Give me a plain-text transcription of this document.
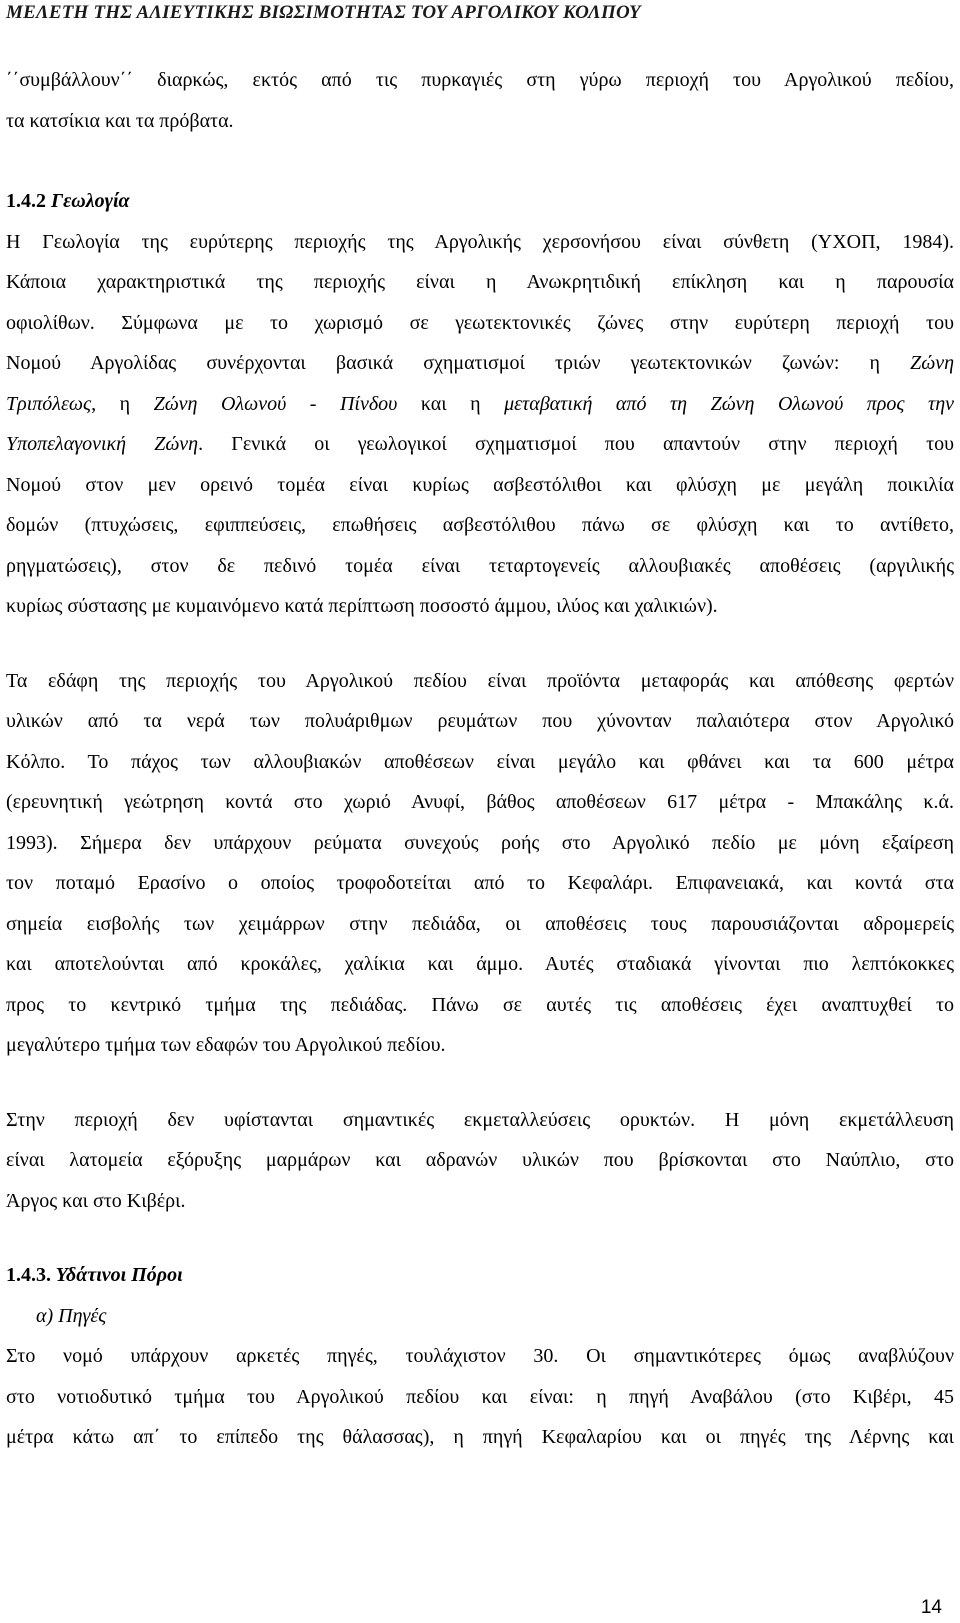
ΜΕΛΕΤΗ ΤΗΣ ΑΛΙΕΥΤΙΚΗΣ ΒΙΩΣΙΜΟΤΗΤΑΣ ΤΟΥ ΑΡΓΟΛΙΚΟΥ ΚΟΛΠΟΥ
΄΄συμβάλλουν΄΄ διαρκώς, εκτός από τις πυρκαγιές στη γύρω περιοχή του Αργολικού πεδίου,
τα κατσίκια και τα πρόβατα.
1.4.2 Γεωλογία
Η Γεωλογία της ευρύτερης περιοχής της Αργολικής χερσονήσου είναι σύνθετη (ΥΧΟΠ, 1984).
Κάποια χαρακτηριστικά της περιοχής είναι η Ανωκρητιδική επίκληση και η παρουσία
οφιολίθων. Σύμφωνα με το χωρισμό σε γεωτεκτονικές ζώνες στην ευρύτερη περιοχή του
Νομού Αργολίδας συνέρχονται βασικά σχηματισμοί τριών γεωτεκτονικών ζωνών: η Ζώνη
Τριπόλεως, η Ζώνη Ολωνού - Πίνδου και η μεταβατική από τη Ζώνη Ολωνού προς την
Υποπελαγονική Ζώνη. Γενικά οι γεωλογικοί σχηματισμοί που απαντούν στην περιοχή του
Νομού στον μεν ορεινό τομέα είναι κυρίως ασβεστόλιθοι και φλύσχη με μεγάλη ποικιλία
δομών (πτυχώσεις, εφιππεύσεις, επωθήσεις ασβεστόλιθου πάνω σε φλύσχη και το αντίθετο,
ρηγματώσεις), στον δε πεδινό τομέα είναι τεταρτογενείς αλλουβιακές αποθέσεις (αργιλικής
κυρίως σύστασης με κυμαινόμενο κατά περίπτωση ποσοστό άμμου, ιλύος και χαλικιών).
Τα εδάφη της περιοχής του Αργολικού πεδίου είναι προϊόντα μεταφοράς και απόθεσης φερτών
υλικών από τα νερά των πολυάριθμων ρευμάτων που χύνονταν παλαιότερα στον Αργολικό
Κόλπο. Το πάχος των αλλουβιακών αποθέσεων είναι μεγάλο και φθάνει και τα 600 μέτρα
(ερευνητική γεώτρηση κοντά στο χωριό Ανυφί, βάθος αποθέσεων 617 μέτρα - Μπακάλης κ.ά.
1993). Σήμερα δεν υπάρχουν ρεύματα συνεχούς ροής στο Αργολικό πεδίο με μόνη εξαίρεση
τον ποταμό Ερασίνο ο οποίος τροφοδοτείται από το Κεφαλάρι. Επιφανειακά, και κοντά στα
σημεία εισβολής των χειμάρρων στην πεδιάδα, οι αποθέσεις τους παρουσιάζονται αδρομερείς
και αποτελούνται από κροκάλες, χαλίκια και άμμο. Αυτές σταδιακά γίνονται πιο λεπτόκοκκες
προς το κεντρικό τμήμα της πεδιάδας. Πάνω σε αυτές τις αποθέσεις έχει αναπτυχθεί το
μεγαλύτερο τμήμα των εδαφών του Αργολικού πεδίου.
Στην περιοχή δεν υφίστανται σημαντικές εκμεταλλεύσεις ορυκτών. Η μόνη εκμετάλλευση
είναι λατομεία εξόρυξης μαρμάρων και αδρανών υλικών που βρίσκονται στο Ναύπλιο, στο
Άργος και στο Κιβέρι.
1.4.3. Υδάτινοι Πόροι
α) Πηγές
Στο νομό υπάρχουν αρκετές πηγές, τουλάχιστον 30. Οι σημαντικότερες όμως αναβλύζουν
στο νοτιοδυτικό τμήμα του Αργολικού πεδίου και είναι: η πηγή Αναβάλου (στο Κιβέρι, 45
μέτρα κάτω απ΄ το επίπεδο της θάλασσας), η πηγή Κεφαλαρίου και οι πηγές της Λέρνης και
14
